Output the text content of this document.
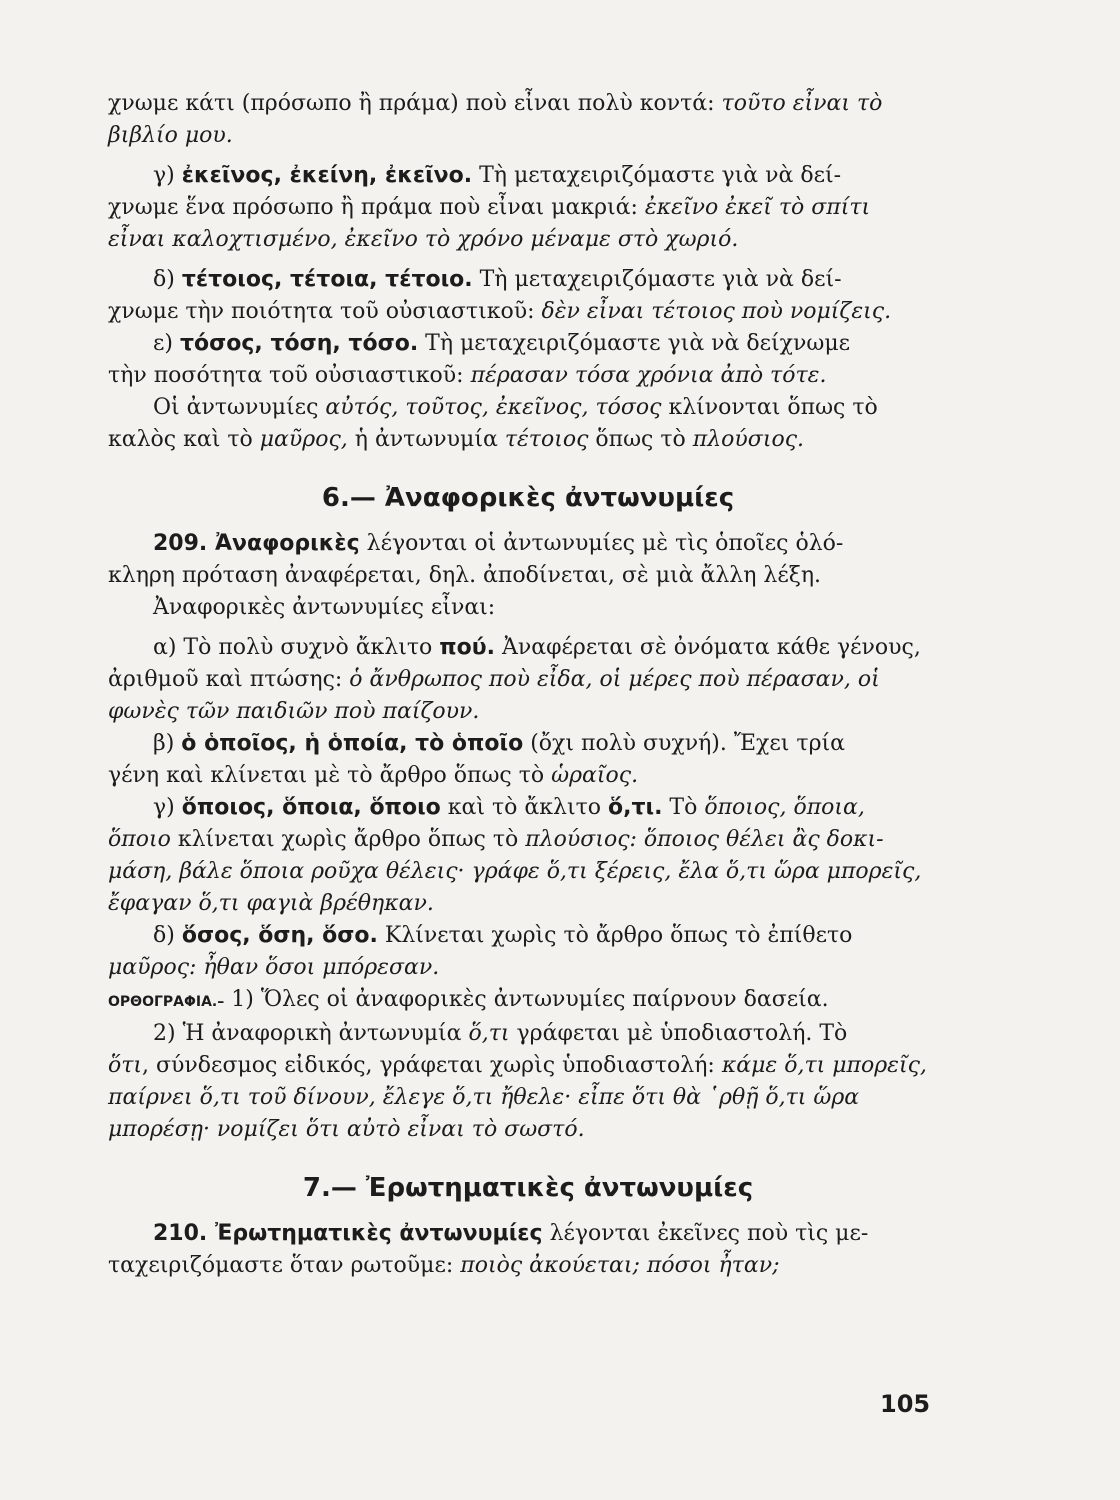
χνωμε κάτι (πρόσωπο ἢ πράμα) ποὺ εἶναι πολὺ κοντά: τοῦτο εἶναι τὸ
βιβλίο μου.
γ) ἐκεῖνος, ἐκείνη, ἐκεῖνο. Τὴ μεταχειριζόμαστε γιὰ νὰ δεί-
χνωμε ἕνα πρόσωπο ἢ πράμα ποὺ εἶναι μακριά: ἐκεῖνο ἐκεῖ τὸ σπίτι
εἶναι καλοχτισμένο, ἐκεῖνο τὸ χρόνο μέναμε στὸ χωριό.
δ) τέτοιος, τέτοια, τέτοιο. Τὴ μεταχειριζόμαστε γιὰ νὰ δεί-
χνωμε τὴν ποιότητα τοῦ οὐσιαστικοῦ: δὲν εἶναι τέτοιος ποὺ νομίζεις.
ε) τόσος, τόση, τόσο. Τὴ μεταχειριζόμαστε γιὰ νὰ δείχνωμε
τὴν ποσότητα τοῦ οὐσιαστικοῦ: πέρασαν τόσα χρόνια ἀπὸ τότε.
Οἱ ἀντωνυμίες αὐτός, τοῦτος, ἐκεῖνος, τόσος κλίνονται ὅπως τὸ
καλὸς καὶ τὸ μαῦρος, ἡ ἀντωνυμία τέτοιος ὅπως τὸ πλούσιος.
6.— Ἀναφορικὲς ἀντωνυμίες
209. Ἀναφορικὲς λέγονται οἱ ἀντωνυμίες μὲ τὶς ὁποῖες ὁλό-
κληρη πρόταση ἀναφέρεται, δηλ. ἀποδίνεται, σὲ μιὰ ἄλλη λέξη.
Ἀναφορικὲς ἀντωνυμίες εἶναι:
α) Τὸ πολὺ συχνὸ ἄκλιτο πού. Ἀναφέρεται σὲ ὀνόματα κάθε γένους,
ἀριθμοῦ καὶ πτώσης: ὁ ἄνθρωπος ποὺ εἶδα, οἱ μέρες ποὺ πέρασαν, οἱ
φωνὲς τῶν παιδιῶν ποὺ παίζουν.
β) ὁ ὁποῖος, ἡ ὁποία, τὸ ὁποῖο (ὄχι πολὺ συχνή). Ἔχει τρία
γένη καὶ κλίνεται μὲ τὸ ἄρθρο ὅπως τὸ ὡραῖος.
γ) ὅποιος, ὅποια, ὅποιο καὶ τὸ ἄκλιτο ὅ,τι. Τὸ ὅποιος, ὅποια,
ὅποιο κλίνεται χωρὶς ἄρθρο ὅπως τὸ πλούσιος: ὅποιος θέλει ἂς δοκι-
μάση, βάλε ὅποια ροῦχα θέλεις· γράφε ὅ,τι ξέρεις, ἔλα ὅ,τι ὥρα μπορεῖς,
ἔφαγαν ὅ,τι φαγιὰ βρέθηκαν.
δ) ὅσος, ὅση, ὅσο. Κλίνεται χωρὶς τὸ ἄρθρο ὅπως τὸ ἐπίθετο
μαῦρος: ἦθαν ὅσοι μπόρεσαν.
ΟΡΘΟΓΡΑΦΙΑ.– 1) Ὅλες οἱ ἀναφορικὲς ἀντωνυμίες παίρνουν δασεία.
2) Ἡ ἀναφορικὴ ἀντωνυμία ὅ,τι γράφεται μὲ ὑποδιαστολή. Τὸ
ὅτι, σύνδεσμος εἰδικός, γράφεται χωρὶς ὑποδιαστολή: κάμε ὅ,τι μπορεῖς,
παίρνει ὅ,τι τοῦ δίνουν, ἔλεγε ὅ,τι ἤθελε· εἶπε ὅτι θὰ ῾ρθῇ ὅ,τι ὥρα
μπορέσῃ· νομίζει ὅτι αὐτὸ εἶναι τὸ σωστό.
7.— Ἐρωτηματικὲς ἀντωνυμίες
210. Ἐρωτηματικὲς ἀντωνυμίες λέγονται ἐκεῖνες ποὺ τὶς με-
ταχειριζόμαστε ὅταν ρωτοῦμε: ποιὸς ἀκούεται; πόσοι ἦταν;
105
